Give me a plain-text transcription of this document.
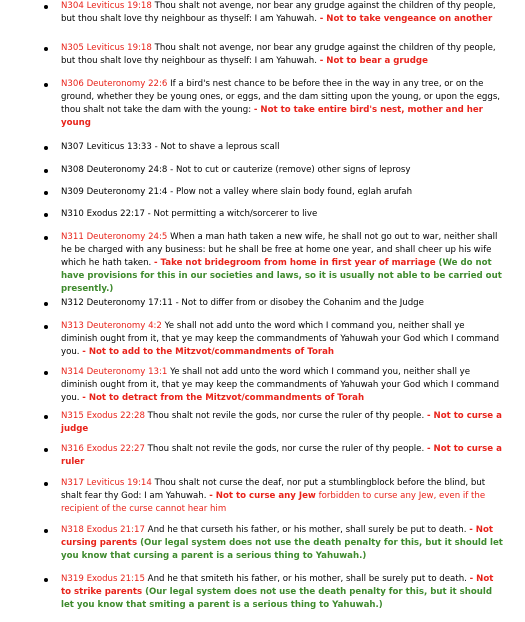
N304 Leviticus 19:18 Thou shalt not avenge, nor bear any grudge against the children of thy people, but thou shalt love thy neighbour as thyself: I am Yahuwah. - Not to take vengeance on another

N305 Leviticus 19:18 Thou shalt not avenge, nor bear any grudge against the children of thy people, but thou shalt love thy neighbour as thyself: I am Yahuwah. - Not to bear a grudge

N306 Deuteronomy 22:6 If a bird's nest chance to be before thee in the way in any tree, or on the ground, whether they be young ones, or eggs, and the dam sitting upon the young, or upon the eggs, thou shalt not take the dam with the young: - Not to take entire bird's nest, mother and her young

N307 Leviticus 13:33 - Not to shave a leprous scall

N308 Deuteronomy 24:8 - Not to cut or cauterize (remove) other signs of leprosy

N309 Deuteronomy 21:4 - Plow not a valley where slain body found, eglah arufah

N310 Exodus 22:17 - Not permitting a witch/sorcerer to live

N311 Deuteronomy 24:5 When a man hath taken a new wife, he shall not go out to war, neither shall he be charged with any business: but he shall be free at home one year, and shall cheer up his wife which he hath taken. - Take not bridegroom from home in first year of marriage (We do not have provisions for this in our societies and laws, so it is usually not able to be carried out presently.)

N312 Deuteronomy 17:11 - Not to differ from or disobey the Cohanim and the Judge

N313 Deuteronomy 4:2 Ye shall not add unto the word which I command you, neither shall ye diminish ought from it, that ye may keep the commandments of Yahuwah your God which I command you. - Not to add to the Mitzvot/commandments of Torah

N314 Deuteronomy 13:1 Ye shall not add unto the word which I command you, neither shall ye diminish ought from it, that ye may keep the commandments of Yahuwah your God which I command you. - Not to detract from the Mitzvot/commandments of Torah

N315 Exodus 22:28 Thou shalt not revile the gods, nor curse the ruler of thy people. - Not to curse a judge

N316 Exodus 22:27 Thou shalt not revile the gods, nor curse the ruler of thy people. - Not to curse a ruler

N317 Leviticus 19:14 Thou shalt not curse the deaf, nor put a stumblingblock before the blind, but shalt fear thy God: I am Yahuwah. - Not to curse any Jew forbidden to curse any Jew, even if the recipient of the curse cannot hear him

N318 Exodus 21:17 And he that curseth his father, or his mother, shall surely be put to death. - Not cursing parents (Our legal system does not use the death penalty for this, but it should let you know that cursing a parent is a serious thing to Yahuwah.)

N319 Exodus 21:15 And he that smiteth his father, or his mother, shall be surely put to death. - Not to strike parents (Our legal system does not use the death penalty for this, but it should let you know that smiting a parent is a serious thing to Yahuwah.)
